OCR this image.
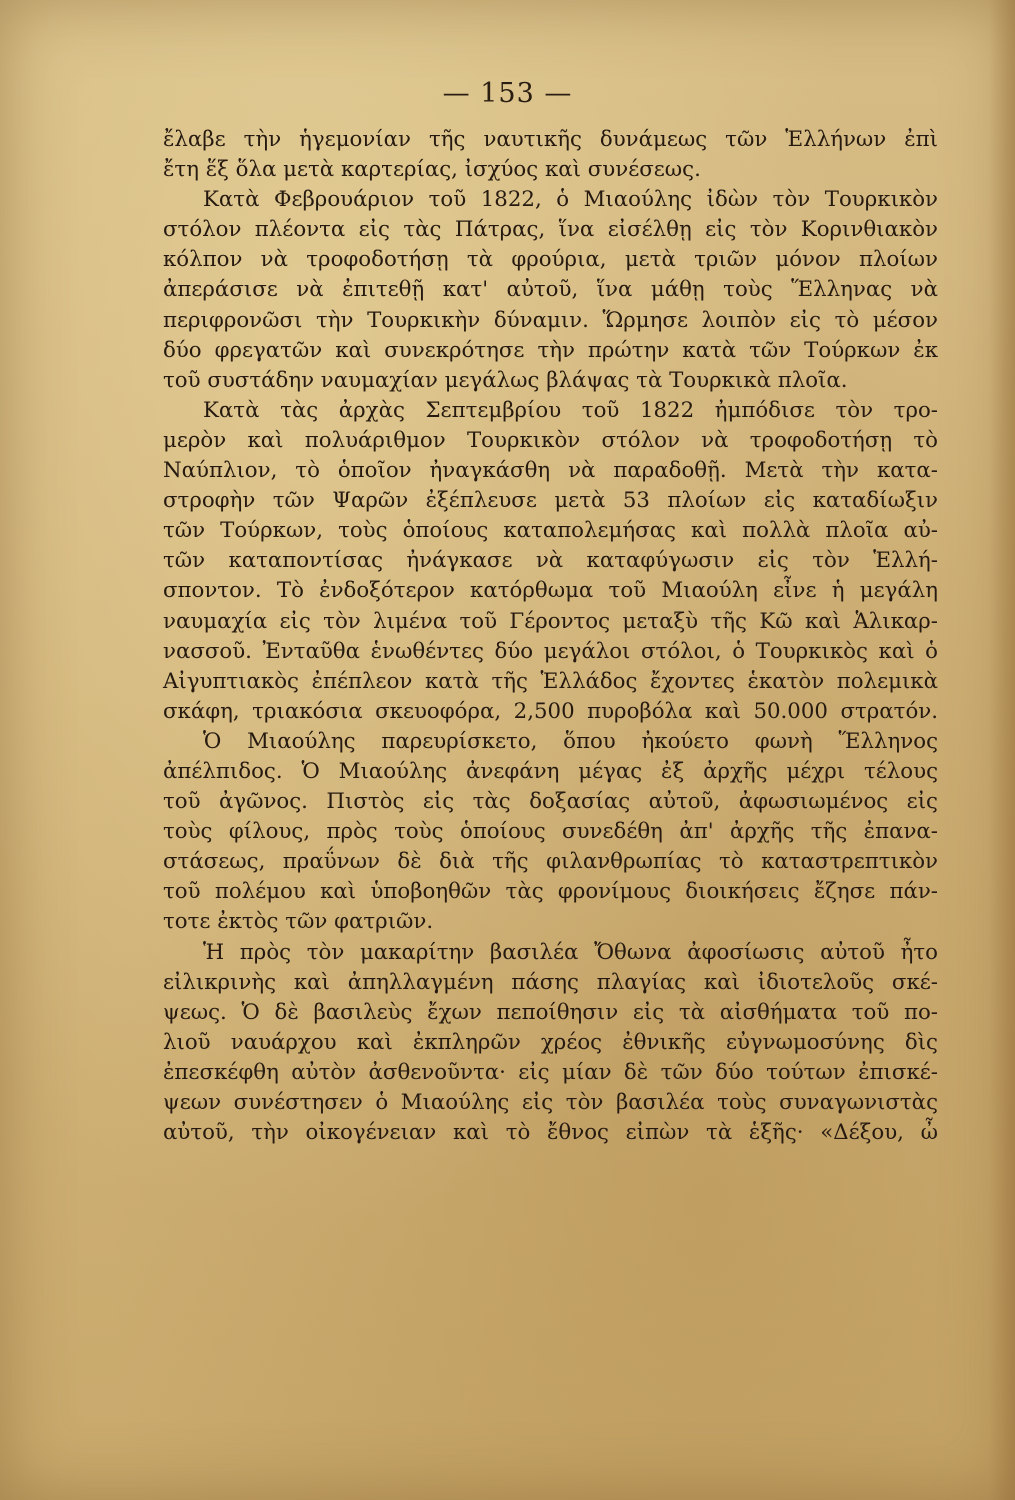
— 153 —
ἔλαβε τὴν ἡγεμονίαν τῆς ναυτικῆς δυνάμεως τῶν Ἑλλήνων ἐπὶ
ἔτη ἕξ ὅλα μετὰ καρτερίας, ἰσχύος καὶ συνέσεως.
Κατὰ Φεβρουάριον τοῦ 1822, ὁ Μιαούλης ἰδὼν τὸν Τουρκικὸν
στόλον πλέοντα εἰς τὰς Πάτρας, ἵνα εἰσέλθῃ εἰς τὸν Κορινθιακὸν
κόλπον νὰ τροφοδοτήσῃ τὰ φρούρια, μετὰ τριῶν μόνον πλοίων
ἀπεράσισε νὰ ἐπιτεθῇ κατ' αὐτοῦ, ἵνα μάθῃ τοὺς Ἕλληνας νὰ
περιφρονῶσι τὴν Τουρκικὴν δύναμιν. Ὥρμησε λοιπὸν εἰς τὸ μέσον
δύο φρεγατῶν καὶ συνεκρότησε τὴν πρώτην κατὰ τῶν Τούρκων ἐκ
τοῦ συστάδην ναυμαχίαν μεγάλως βλάψας τὰ Τουρκικὰ πλοῖα.
Κατὰ τὰς ἀρχὰς Σεπτεμβρίου τοῦ 1822 ἠμπόδισε τὸν τρο-
μερὸν καὶ πολυάριθμον Τουρκικὸν στόλον νὰ τροφοδοτήσῃ τὸ
Ναύπλιον, τὸ ὁποῖον ἠναγκάσθη νὰ παραδοθῇ. Μετὰ τὴν κατα-
στροφὴν τῶν Ψαρῶν ἐξέπλευσε μετὰ 53 πλοίων εἰς καταδίωξιν
τῶν Τούρκων, τοὺς ὁποίους καταπολεμήσας καὶ πολλὰ πλοῖα αὐ-
τῶν καταποντίσας ἠνάγκασε νὰ καταφύγωσιν εἰς τὸν Ἑλλή-
σποντον. Τὸ ἐνδοξότερον κατόρθωμα τοῦ Μιαούλη εἶνε ἡ μεγάλη
ναυμαχία εἰς τὸν λιμένα τοῦ Γέροντος μεταξὺ τῆς Κῶ καὶ Ἁλικαρ-
νασσοῦ. Ἐνταῦθα ἑνωθέντες δύο μεγάλοι στόλοι, ὁ Τουρκικὸς καὶ ὁ
Αἰγυπτιακὸς ἐπέπλεον κατὰ τῆς Ἑλλάδος ἔχοντες ἑκατὸν πολεμικὰ
σκάφη, τριακόσια σκευοφόρα, 2,500 πυροβόλα καὶ 50.000 στρατόν.
Ὁ Μιαούλης παρευρίσκετο, ὅπου ἠκούετο φωνὴ Ἕλληνος
ἀπέλπιδος. Ὁ Μιαούλης ἀνεφάνη μέγας ἐξ ἀρχῆς μέχρι τέλους
τοῦ ἀγῶνος. Πιστὸς εἰς τὰς δοξασίας αὐτοῦ, ἀφωσιωμένος εἰς
τοὺς φίλους, πρὸς τοὺς ὁποίους συνεδέθη ἀπ' ἀρχῆς τῆς ἐπανα-
στάσεως, πραΰνων δὲ διὰ τῆς φιλανθρωπίας τὸ καταστρεπτικὸν
τοῦ πολέμου καὶ ὑποβοηθῶν τὰς φρονίμους διοικήσεις ἔζησε πάν-
τοτε ἐκτὸς τῶν φατριῶν.
Ἡ πρὸς τὸν μακαρίτην βασιλέα Ὄθωνα ἀφοσίωσις αὐτοῦ ἦτο
εἰλικρινὴς καὶ ἀπηλλαγμένη πάσης πλαγίας καὶ ἰδιοτελοῦς σκέ-
ψεως. Ὁ δὲ βασιλεὺς ἔχων πεποίθησιν εἰς τὰ αἰσθήματα τοῦ πο-
λιοῦ ναυάρχου καὶ ἐκπληρῶν χρέος ἐθνικῆς εὐγνωμοσύνης δὶς
ἐπεσκέφθη αὐτὸν ἀσθενοῦντα· εἰς μίαν δὲ τῶν δύο τούτων ἐπισκέ-
ψεων συνέστησεν ὁ Μιαούλης εἰς τὸν βασιλέα τοὺς συναγωνιστὰς
αὐτοῦ, τὴν οἰκογένειαν καὶ τὸ ἔθνος εἰπὼν τὰ ἑξῆς· «Δέξου, ὦ
